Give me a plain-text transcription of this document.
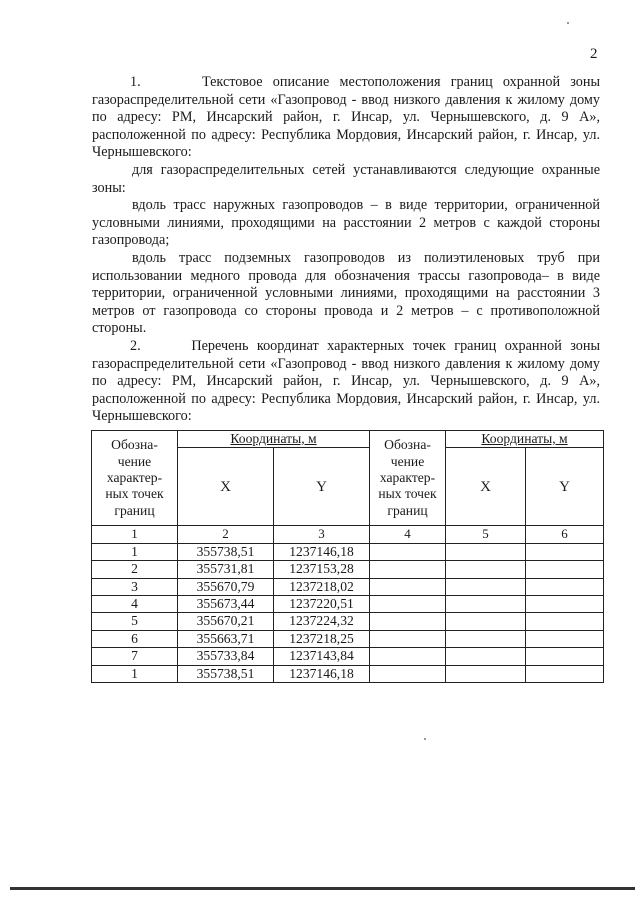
2

1.      Текстовое описание местоположения границ охранной зоны газораспределительной сети «Газопровод - ввод низкого давления к жилому дому по адресу: РМ, Инсарский район, г. Инсар, ул. Чернышевского, д. 9 А», расположенной по адресу: Республика Мордовия, Инсарский район, г. Инсар, ул. Чернышевского:

для газораспределительных сетей устанавливаются следующие охранные зоны:

вдоль трасс наружных газопроводов – в виде территории, ограниченной условными линиями, проходящими на расстоянии 2 метров с каждой стороны газопровода;

вдоль трасс подземных газопроводов из полиэтиленовых труб при использовании медного провода для обозначения трассы газопровода– в виде территории, ограниченной условными линиями, проходящими на расстоянии 3 метров от газопровода со стороны провода и 2 метров – с противоположной стороны.

2.      Перечень координат характерных точек границ охранной зоны газораспределительной сети «Газопровод - ввод низкого давления к жилому дому по адресу: РМ, Инсарский район, г. Инсар, ул. Чернышевского, д. 9 А», расположенной по адресу: Республика Мордовия, Инсарский район, г. Инсар, ул. Чернышевского:

Обозна-чение характер-ных точек границ	Координаты, м		Обозна-чение характер-ных точек границ	Координаты, м	
	X	Y		X	Y
1	2	3	4	5	6
1	355738,51	1237146,18			
2	355731,81	1237153,28			
3	355670,79	1237218,02			
4	355673,44	1237220,51			
5	355670,21	1237224,32			
6	355663,71	1237218,25			
7	355733,84	1237143,84			
1	355738,51	1237146,18			
